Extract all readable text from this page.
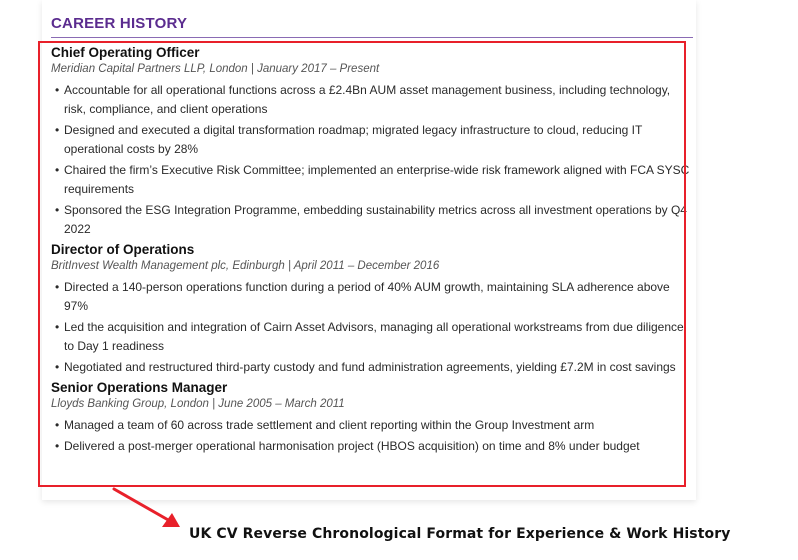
CAREER HISTORY
Chief Operating Officer
Meridian Capital Partners LLP, London | January 2017 – Present
• Accountable for all operational functions across a £2.4Bn AUM asset management business, including technology, risk, compliance, and client operations
• Designed and executed a digital transformation roadmap; migrated legacy infrastructure to cloud, reducing IT operational costs by 28%
• Chaired the firm’s Executive Risk Committee; implemented an enterprise-wide risk framework aligned with FCA SYSC requirements
• Sponsored the ESG Integration Programme, embedding sustainability metrics across all investment operations by Q4 2022
Director of Operations
BritInvest Wealth Management plc, Edinburgh | April 2011 – December 2016
• Directed a 140-person operations function during a period of 40% AUM growth, maintaining SLA adherence above 97%
• Led the acquisition and integration of Cairn Asset Advisors, managing all operational workstreams from due diligence to Day 1 readiness
• Negotiated and restructured third-party custody and fund administration agreements, yielding £7.2M in cost savings
Senior Operations Manager
Lloyds Banking Group, London | June 2005 – March 2011
• Managed a team of 60 across trade settlement and client reporting within the Group Investment arm
• Delivered a post-merger operational harmonisation project (HBOS acquisition) on time and 8% under budget
UK CV Reverse Chronological Format for Experience & Work History
